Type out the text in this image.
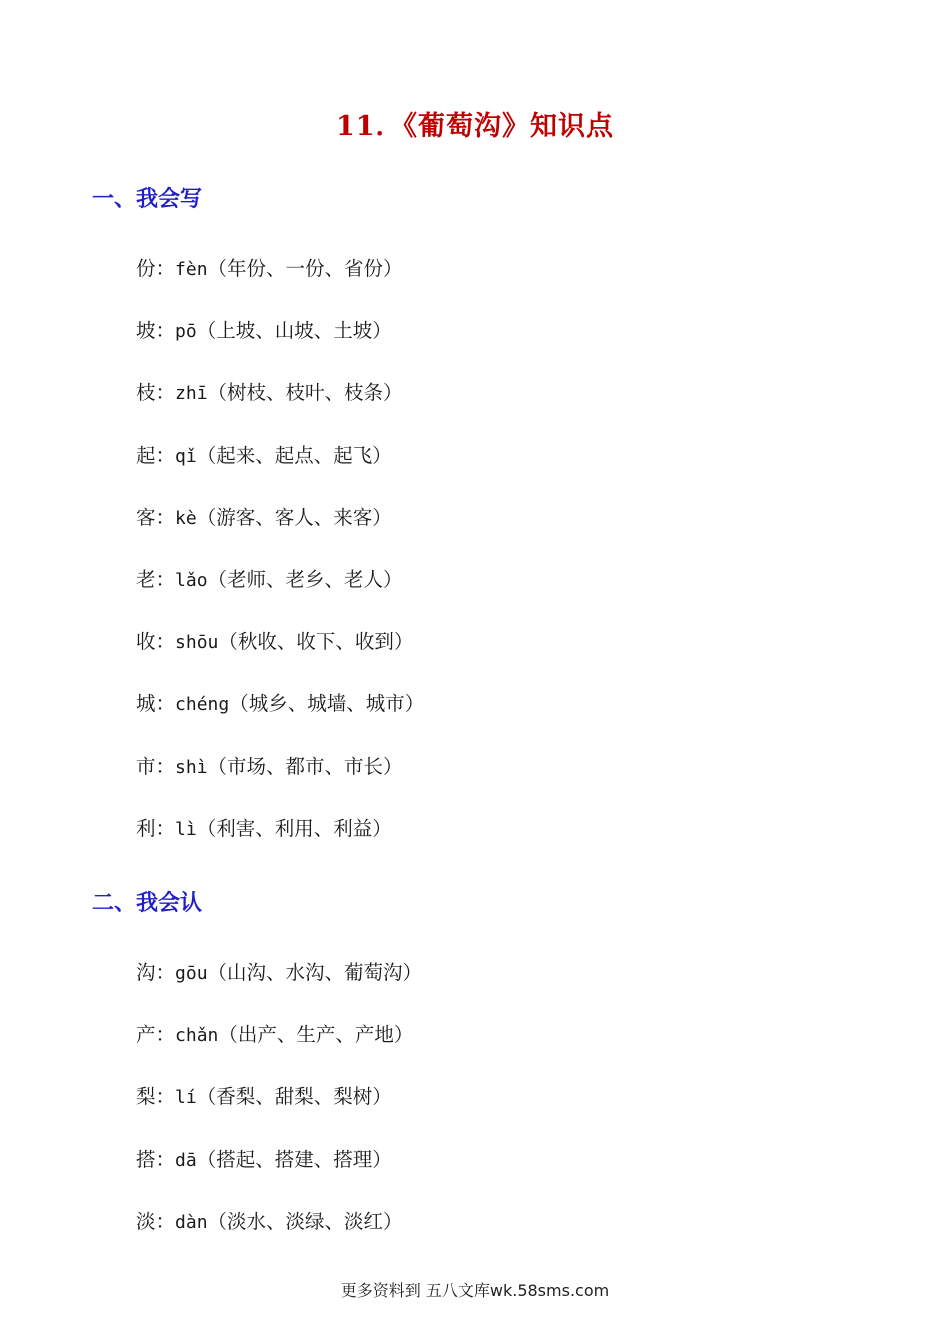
11．《葡萄沟》知识点
一、我会写
份：fèn（年份、一份、省份）
坡：pō（上坡、山坡、土坡）
枝：zhī（树枝、枝叶、枝条）
起：qǐ（起来、起点、起飞）
客：kè（游客、客人、来客）
老：lǎo（老师、老乡、老人）
收：shōu（秋收、收下、收到）
城：chéng（城乡、城墙、城市）
市：shì（市场、都市、市长）
利：lì（利害、利用、利益）
二、我会认
沟：gōu（山沟、水沟、葡萄沟）
产：chǎn（出产、生产、产地）
梨：lí（香梨、甜梨、梨树）
搭：dā（搭起、搭建、搭理）
淡：dàn（淡水、淡绿、淡红）
更多资料到 五八文库wk.58sms.com
